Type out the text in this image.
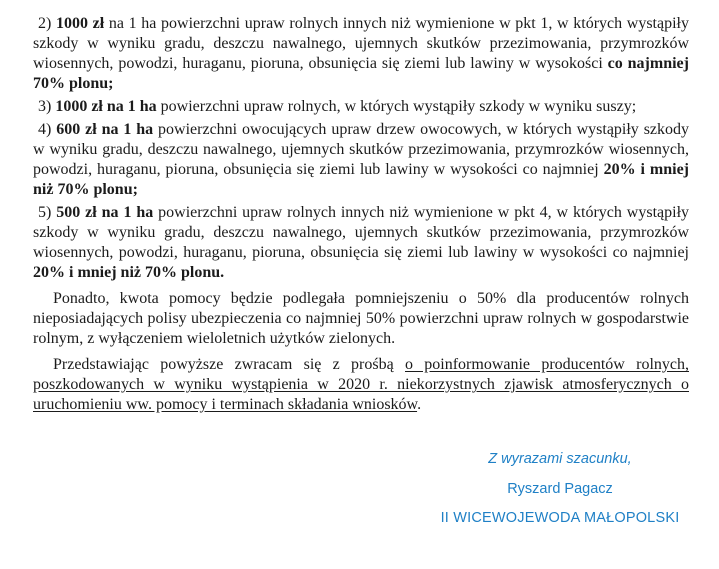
2) 1000 zł na 1 ha powierzchni upraw rolnych innych niż wymienione w pkt 1, w których wystąpiły szkody w wyniku gradu, deszczu nawalnego, ujemnych skutków przezimowania, przymrozków wiosennych, powodzi, huraganu, pioruna, obsunięcia się ziemi lub lawiny w wysokości co najmniej 70% plonu;

3) 1000 zł na 1 ha powierzchni upraw rolnych, w których wystąpiły szkody w wyniku suszy;

4) 600 zł na 1 ha powierzchni owocujących upraw drzew owocowych, w których wystąpiły szkody w wyniku gradu, deszczu nawalnego, ujemnych skutków przezimowania, przymrozków wiosennych, powodzi, huraganu, pioruna, obsunięcia się ziemi lub lawiny w wysokości co najmniej 20% i mniej niż 70% plonu;

5) 500 zł na 1 ha powierzchni upraw rolnych innych niż wymienione w pkt 4, w których wystąpiły szkody w wyniku gradu, deszczu nawalnego, ujemnych skutków przezimowania, przymrozków wiosennych, powodzi, huraganu, pioruna, obsunięcia się ziemi lub lawiny w wysokości co najmniej 20% i mniej niż 70% plonu.

Ponadto, kwota pomocy będzie podlegała pomniejszeniu o 50% dla producentów rolnych nieposiadających polisy ubezpieczenia co najmniej 50% powierzchni upraw rolnych w gospodarstwie rolnym, z wyłączeniem wieloletnich użytków zielonych.

Przedstawiając powyższe zwracam się z prośbą o poinformowanie producentów rolnych, poszkodowanych w wyniku wystąpienia w 2020 r. niekorzystnych zjawisk atmosferycznych o uruchomieniu ww. pomocy i terminach składania wniosków.

Z wyrazami szacunku,

Ryszard Pagacz

II WICEWOJEWODA MAŁOPOLSKI
